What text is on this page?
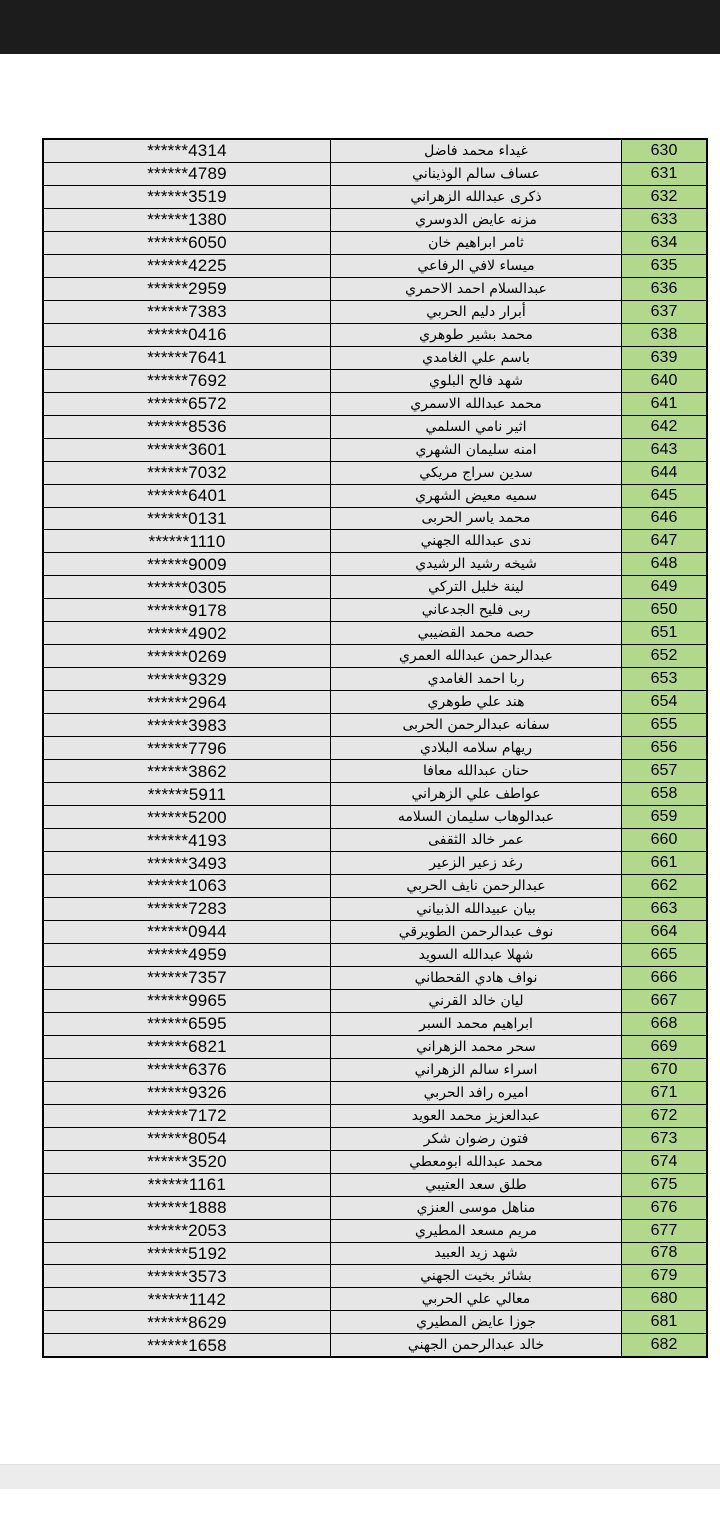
******4314	غيداء محمد فاضل	630
******4789	عساف سالم الوذيناني	631
******3519	ذكرى عبدالله الزهراني	632
******1380	مزنه عايض الدوسري	633
******6050	ثامر ابراهيم خان	634
******4225	ميساء لافي الرفاعي	635
******2959	عبدالسلام احمد الاحمري	636
******7383	أبرار دليم الحربي	637
******0416	محمد بشير طوهري	638
******7641	باسم علي الغامدي	639
******7692	شهد فالح البلوي	640
******6572	محمد عبدالله الاسمري	641
******8536	اثير نامي السلمي	642
******3601	امنه سليمان الشهري	643
******7032	سدين سراج مريكي	644
******6401	سميه معيض الشهري	645
******0131	محمد ياسر الحربى	646
******1110	ندى عبدالله الجهني	647
******9009	شيخه رشيد الرشيدي	648
******0305	لينة خليل التركي	649
******9178	ربى فليح الجدعاني	650
******4902	حصه محمد القضيبي	651
******0269	عبدالرحمن عبدالله العمري	652
******9329	ربا احمد الغامدي	653
******2964	هند علي طوهري	654
******3983	سفانه عبدالرحمن الحربى	655
******7796	ريهام سلامه البلادي	656
******3862	حنان عبدالله معافا	657
******5911	عواطف علي الزهراني	658
******5200	عبدالوهاب سليمان السلامه	659
******4193	عمر خالد الثقفى	660
******3493	رغد زعير الزعير	661
******1063	عبدالرحمن نايف الحربي	662
******7283	بيان عبيدالله الذبياني	663
******0944	نوف عبدالرحمن الطويرقي	664
******4959	شهلا عبدالله السويد	665
******7357	نواف هادي القحطاني	666
******9965	ليان خالد القرني	667
******6595	ابراهيم محمد السبر	668
******6821	سحر محمد الزهراني	669
******6376	اسراء سالم الزهراني	670
******9326	اميره رافد الحربي	671
******7172	عبدالعزيز محمد العويد	672
******8054	فتون رضوان شكر	673
******3520	محمد عبدالله ابومعطي	674
******1161	طلق سعد العتيبي	675
******1888	مناهل موسى العنزي	676
******2053	مريم مسعد المطيري	677
******5192	شهد زيد العبيد	678
******3573	بشائر بخيت الجهني	679
******1142	معالي علي الحربي	680
******8629	جوزا عايض المطيري	681
******1658	خالد عبدالرحمن الجهني	682
